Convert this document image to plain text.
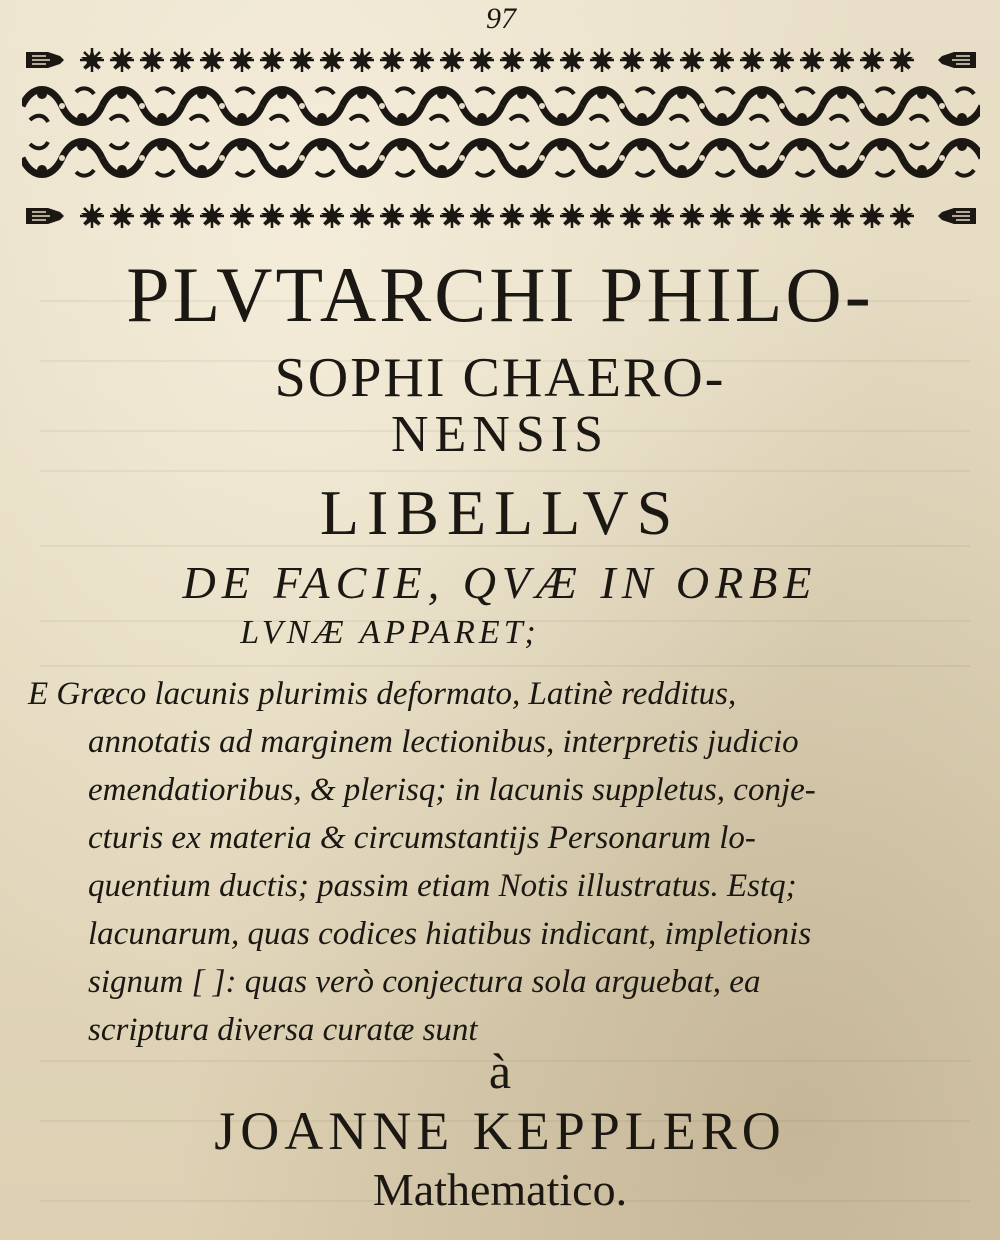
97
PLVTARCHI PHILO-
SOPHI CHAERO-
NENSIS
LIBELLVS
DE FACIE, QVÆ IN ORBE
LVNÆ APPARET;
E Græco lacunis plurimis deformato, Latinè redditus,
annotatis ad marginem lectionibus, interpretis judicio
emendatioribus, & plerisq; in lacunis suppletus, conje-
cturis ex materia & circumstantijs Personarum lo-
quentium ductis; passim etiam Notis illustratus. Estq;
lacunarum, quas codices hiatibus indicant, impletionis
signum [ ]: quas verò conjectura sola arguebat, ea
scriptura diversa curatæ sunt
à
JOANNE KEPPLERO
Mathematico.
